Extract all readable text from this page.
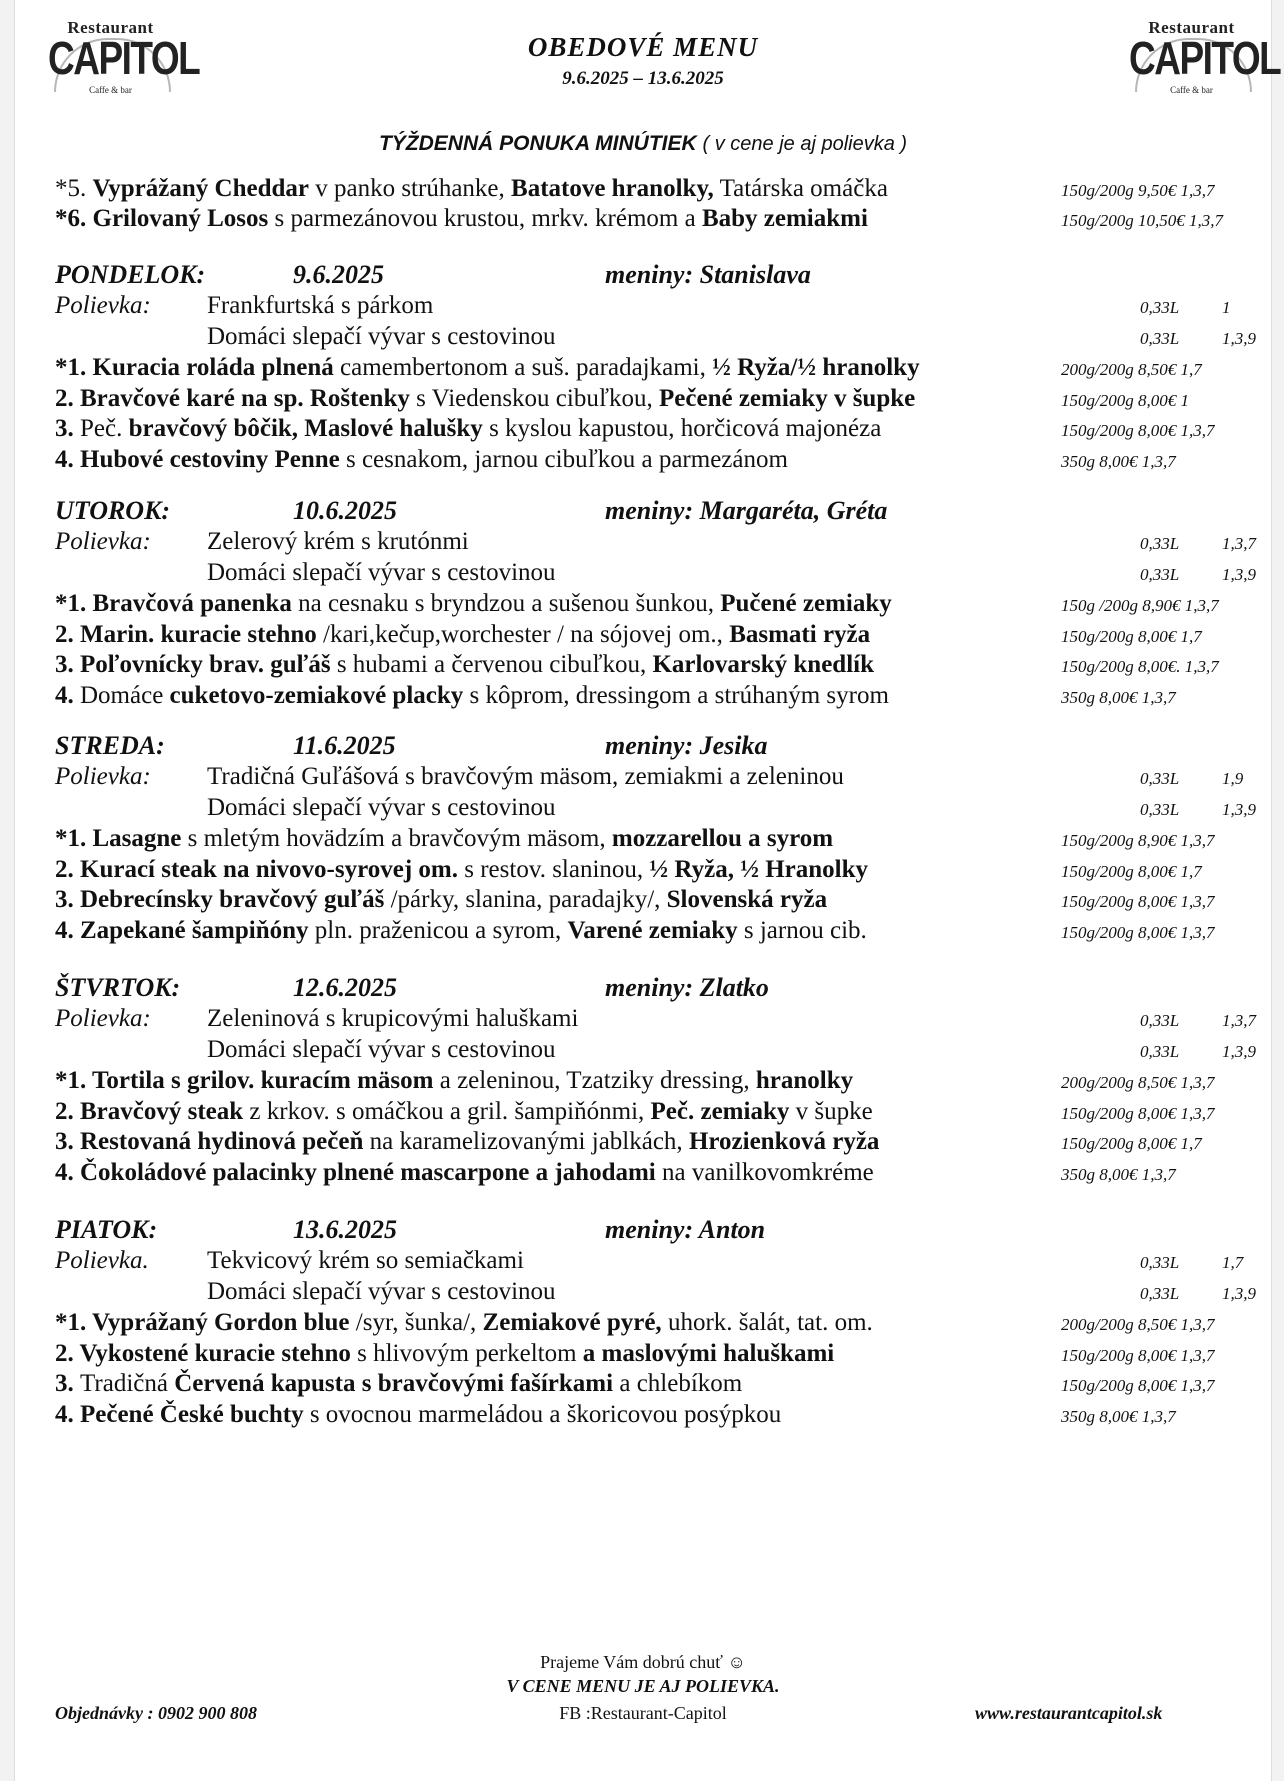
Restaurant
CAPITOL
Caffe & bar
Restaurant
CAPITOL
Caffe & bar
OBEDOVÉ MENU
9.6.2025 – 13.6.2025
TÝŽDENNÁ PONUKA MINÚTIEK ( v cene je aj polievka )
*5. Vyprážaný Cheddar v panko strúhanke, Batatove hranolky, Tatárska omáčka	150g/200g 9,50€ 1,3,7
*6. Grilovaný Losos s parmezánovou krustou, mrkv. krémom a Baby zemiakmi	150g/200g 10,50€ 1,3,7
PONDELOK:	9.6.2025	meniny: Stanislava
Polievka: Frankfurtská s párkom	0,33L	1
Domáci slepačí vývar s cestovinou	0,33L	1,3,9
*1. Kuracia roláda plnená camembertonom a suš. paradajkami, ½ Ryža/½ hranolky	200g/200g 8,50€ 1,7
2. Bravčové karé na sp. Roštenky s Viedenskou cibuľkou, Pečené zemiaky v šupke	150g/200g 8,00€ 1
3. Peč. bravčový bôčik, Maslové halušky s kyslou kapustou, horčicová majonéza	150g/200g 8,00€ 1,3,7
4. Hubové cestoviny Penne s cesnakom, jarnou cibuľkou a parmezánom	350g 8,00€ 1,3,7
UTOROK:	10.6.2025	meniny: Margaréta, Gréta
Polievka: Zelerový krém s krutónmi	0,33L	1,3,7
Domáci slepačí vývar s cestovinou	0,33L	1,3,9
*1. Bravčová panenka na cesnaku s bryndzou a sušenou šunkou, Pučené zemiaky	150g /200g 8,90€ 1,3,7
2. Marin. kuracie stehno /kari,kečup,worchester / na sójovej om., Basmati ryža	150g/200g 8,00€ 1,7
3. Poľovnícky brav. guľáš s hubami a červenou cibuľkou, Karlovarský knedlík	150g/200g 8,00€. 1,3,7
4. Domáce cuketovo-zemiakové placky s kôprom, dressingom a strúhaným syrom	350g 8,00€ 1,3,7
STREDA:	11.6.2025	meniny: Jesika
Polievka: Tradičná Guľášová s bravčovým mäsom, zemiakmi a zeleninou	0,33L	1,9
Domáci slepačí vývar s cestovinou	0,33L	1,3,9
*1. Lasagne s mletým hovädzím a bravčovým mäsom, mozzarellou a syrom	150g/200g 8,90€ 1,3,7
2. Kurací steak na nivovo-syrovej om. s restov. slaninou, ½ Ryža, ½ Hranolky	150g/200g 8,00€ 1,7
3. Debrecínsky bravčový guľáš /párky, slanina, paradajky/, Slovenská ryža	150g/200g 8,00€ 1,3,7
4. Zapekané šampiňóny pln. praženicou a syrom, Varené zemiaky s jarnou cib.	150g/200g 8,00€ 1,3,7
ŠTVRTOK:	12.6.2025	meniny: Zlatko
Polievka: Zeleninová s krupicovými haluškami	0,33L	1,3,7
Domáci slepačí vývar s cestovinou	0,33L	1,3,9
*1. Tortila s grilov. kuracím mäsom a zeleninou, Tzatziky dressing, hranolky	200g/200g 8,50€ 1,3,7
2. Bravčový steak z krkov. s omáčkou a gril. šampiňónmi, Peč. zemiaky v šupke	150g/200g 8,00€ 1,3,7
3. Restovaná hydinová pečeň na karamelizovanými jablkách, Hrozienková ryža	150g/200g 8,00€ 1,7
4. Čokoládové palacinky plnené mascarpone a jahodami na vanilkovomkréme	350g 8,00€ 1,3,7
PIATOK:	13.6.2025	meniny: Anton
Polievka. Tekvicový krém so semiačkami	0,33L	1,7
Domáci slepačí vývar s cestovinou	0,33L	1,3,9
*1. Vyprážaný Gordon blue /syr, šunka/, Zemiakové pyré, uhork. šalát, tat. om.	200g/200g 8,50€ 1,3,7
2. Vykostené kuracie stehno s hlivovým perkeltom a maslovými haluškami	150g/200g 8,00€ 1,3,7
3. Tradičná Červená kapusta s bravčovými fašírkami a chlebíkom	150g/200g 8,00€ 1,3,7
4. Pečené České buchty s ovocnou marmeládou a škoricovou posýpkou	350g 8,00€ 1,3,7
Prajeme Vám dobrú chuť ☺
V CENE MENU JE AJ POLIEVKA.
FB :Restaurant-Capitol
Objednávky : 0902 900 808	www.restaurantcapitol.sk
